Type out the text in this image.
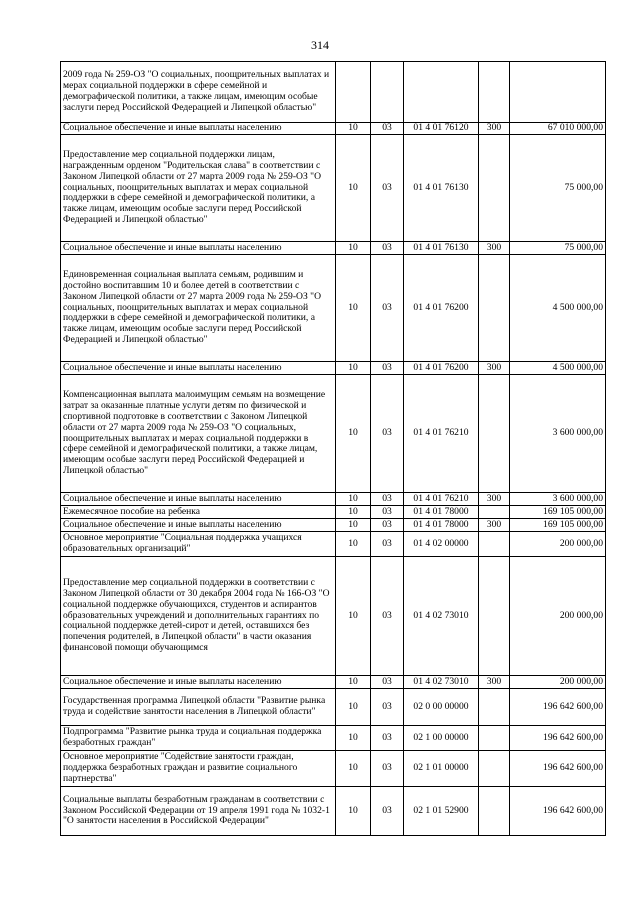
314
2009 года № 259-ОЗ "О социальных, поощрительных выплатах и мерах социальной поддержки в сфере семейной и демографической политики, а также лицам, имеющим особые заслуги перед Российской Федерацией и Липецкой областью"					
Социальное обеспечение и иные выплаты населению	10	03	01 4 01 76120	300	67 010 000,00
Предоставление мер социальной поддержки лицам, награжденным орденом "Родительская слава" в соответствии с Законом Липецкой области от 27 марта 2009 года № 259-ОЗ "О социальных, поощрительных выплатах и мерах социальной поддержки в сфере семейной и демографической политики, а также лицам, имеющим особые заслуги перед Российской Федерацией и Липецкой областью"	10	03	01 4 01 76130		75 000,00
Социальное обеспечение и иные выплаты населению	10	03	01 4 01 76130	300	75 000,00
Единовременная социальная выплата семьям, родившим и достойно воспитавшим 10 и более детей в соответствии с Законом Липецкой области от 27 марта 2009 года № 259-ОЗ "О социальных, поощрительных выплатах и мерах социальной поддержки в сфере семейной и демографической политики, а также лицам, имеющим особые заслуги перед Российской Федерацией и Липецкой областью"	10	03	01 4 01 76200		4 500 000,00
Социальное обеспечение и иные выплаты населению	10	03	01 4 01 76200	300	4 500 000,00
Компенсационная выплата малоимущим семьям на возмещение затрат за оказанные платные услуги детям по физической и спортивной подготовке в соответствии с Законом Липецкой области от 27 марта 2009 года № 259-ОЗ "О социальных, поощрительных выплатах и мерах социальной поддержки в сфере семейной и демографической политики, а также лицам, имеющим особые заслуги перед Российской Федерацией и Липецкой областью"	10	03	01 4 01 76210		3 600 000,00
Социальное обеспечение и иные выплаты населению	10	03	01 4 01 76210	300	3 600 000,00
Ежемесячное пособие на ребенка	10	03	01 4 01 78000		169 105 000,00
Социальное обеспечение и иные выплаты населению	10	03	01 4 01 78000	300	169 105 000,00
Основное мероприятие "Социальная поддержка учащихся образовательных организаций"	10	03	01 4 02 00000		200 000,00
Предоставление мер социальной поддержки в соответствии с Законом Липецкой области от 30 декабря 2004 года № 166-ОЗ "О социальной поддержке обучающихся, студентов и аспирантов образовательных учреждений и дополнительных гарантиях по социальной поддержке детей-сирот и детей, оставшихся без попечения родителей, в Липецкой области" в части оказания финансовой помощи обучающимся	10	03	01 4 02 73010		200 000,00
Социальное обеспечение и иные выплаты населению	10	03	01 4 02 73010	300	200 000,00
Государственная программа Липецкой области "Развитие рынка труда и содействие занятости населения в Липецкой области"	10	03	02 0 00 00000		196 642 600,00
Подпрограмма "Развитие рынка труда и социальная поддержка безработных граждан"	10	03	02 1 00 00000		196 642 600,00
Основное мероприятие "Содействие занятости граждан, поддержка безработных граждан и развитие социального партнерства"	10	03	02 1 01 00000		196 642 600,00
Социальные выплаты безработным гражданам в соответствии с Законом Российской Федерации от 19 апреля 1991 года № 1032-1 "О занятости населения в Российской Федерации"	10	03	02 1 01 52900		196 642 600,00
